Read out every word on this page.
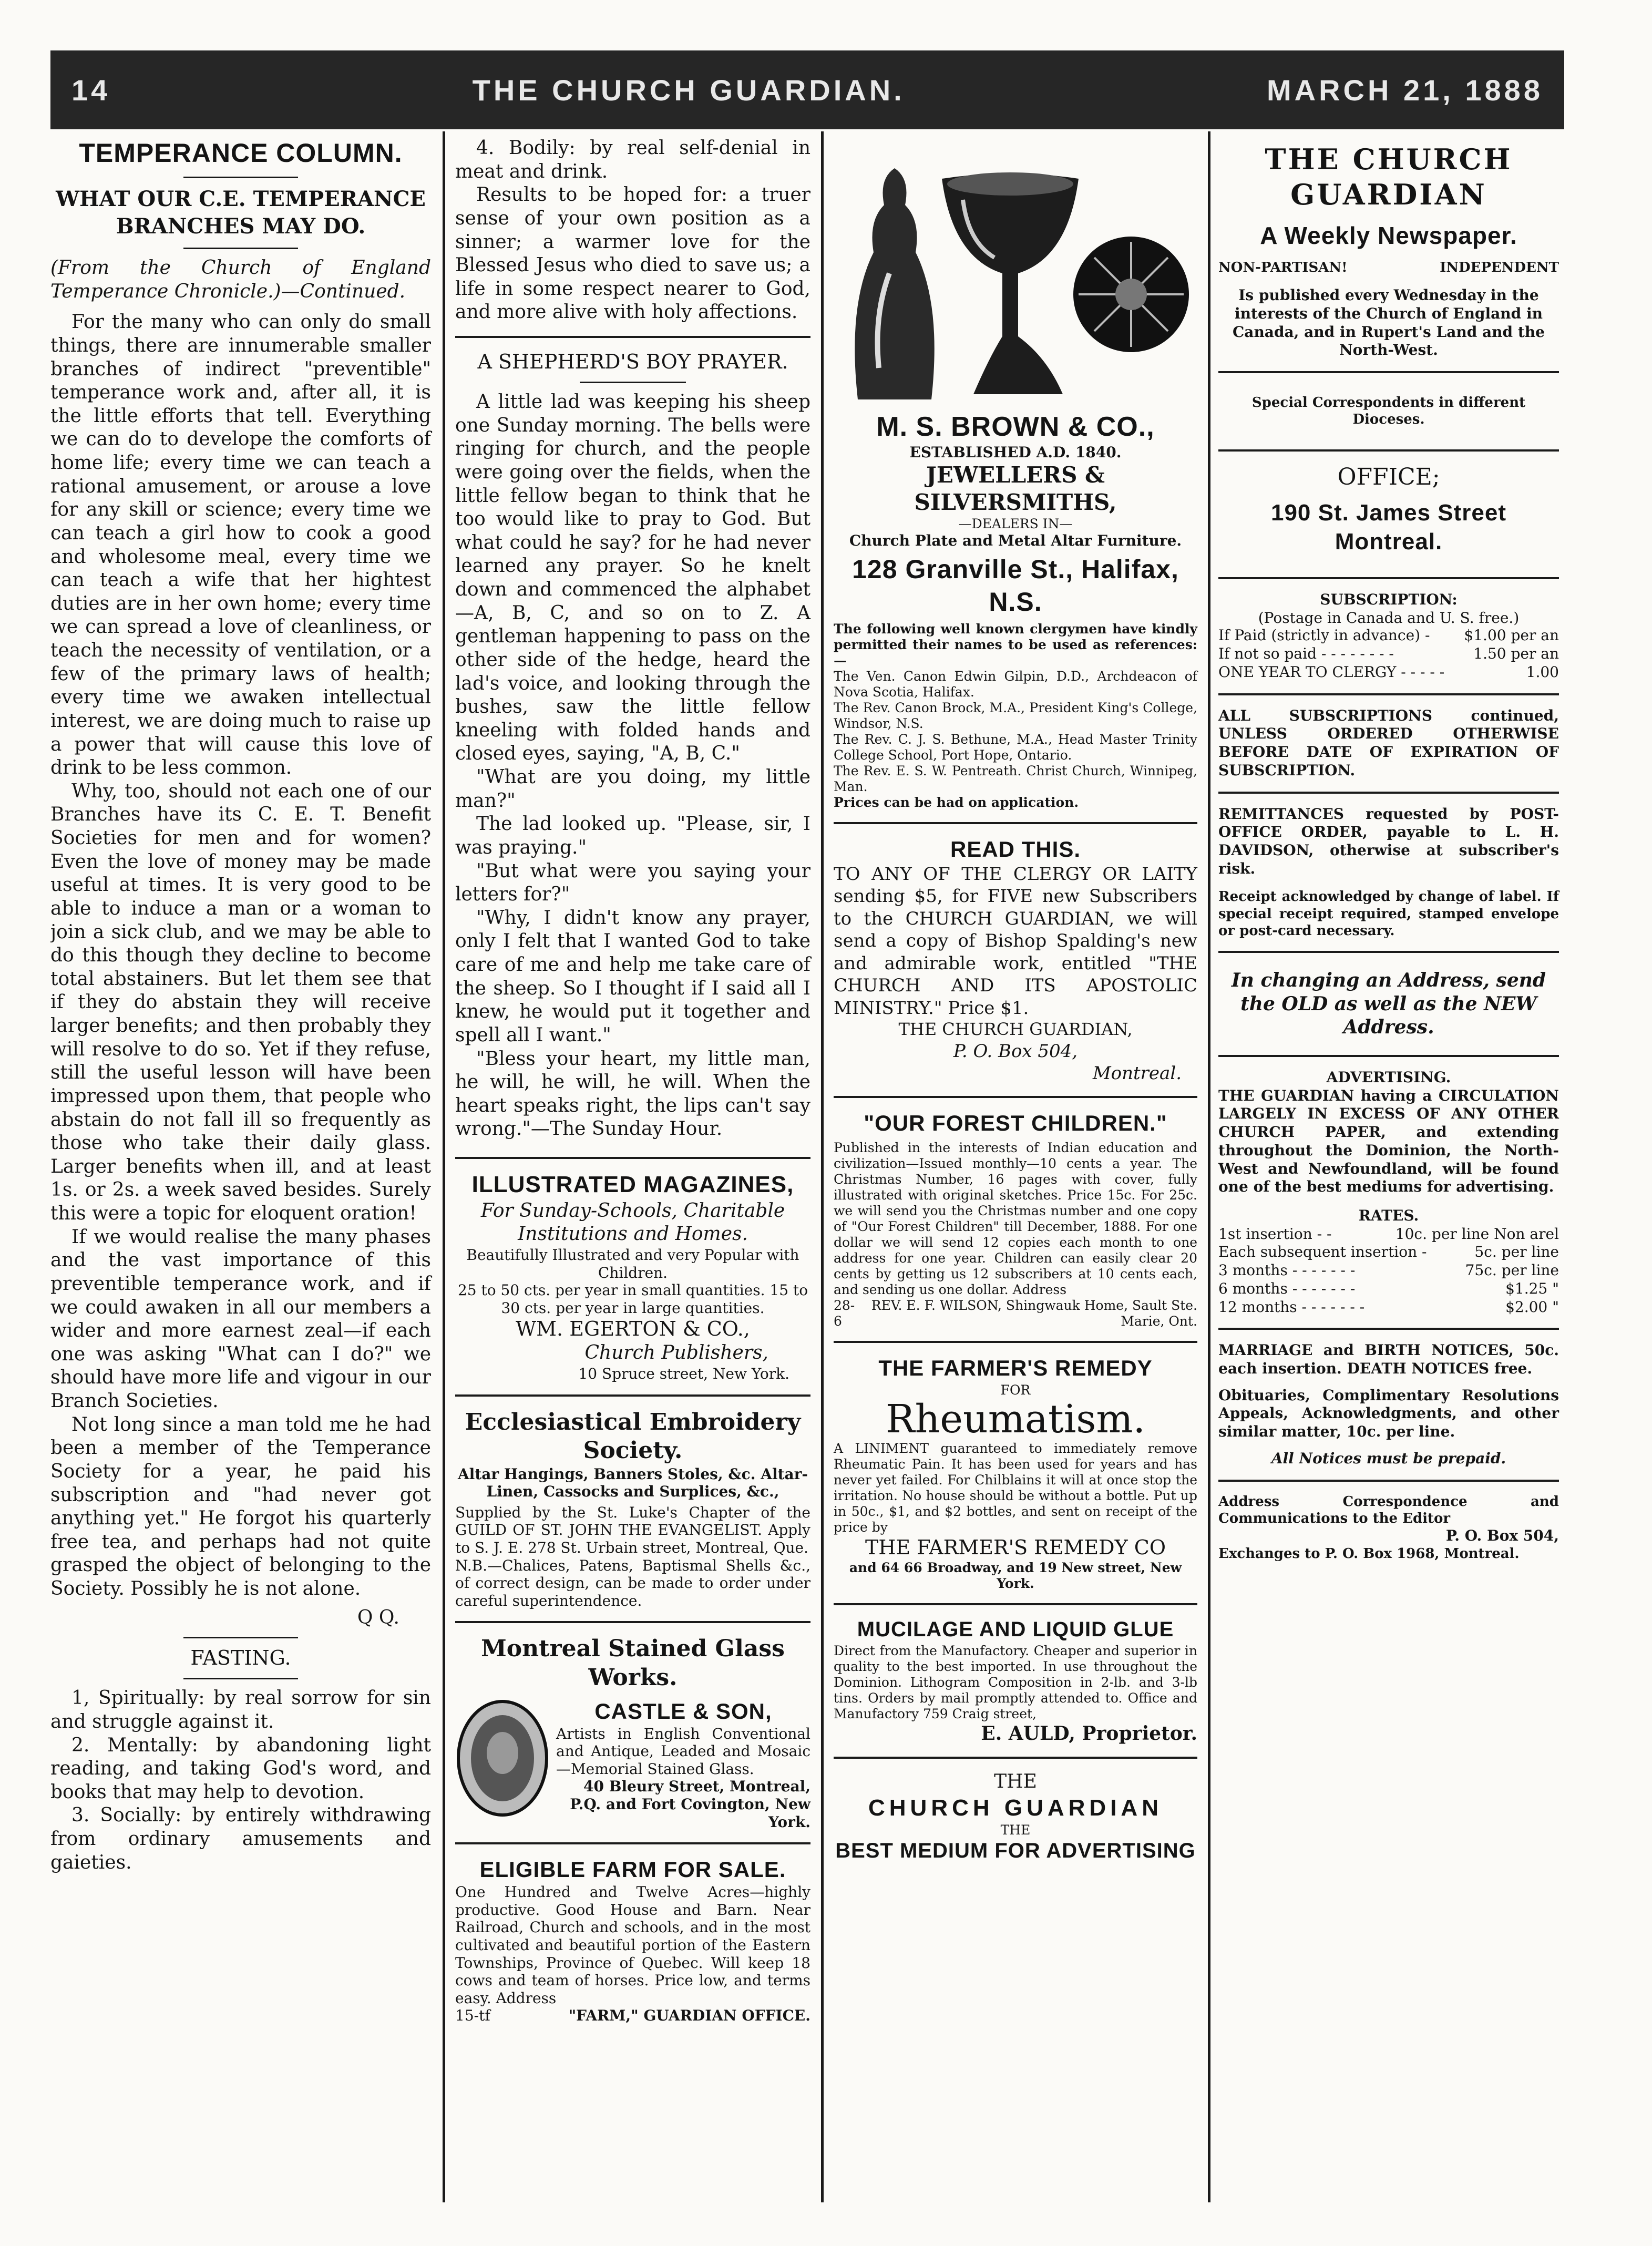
14	THE CHURCH GUARDIAN.	MARCH 21, 1888
TEMPERANCE COLUMN.
WHAT OUR C.E. TEMPERANCE BRANCHES MAY DO.
(From the Church of England Temperance Chronicle.)—Continued.

For the many who can only do small things, there are innumerable smaller branches of indirect "preventible" temperance work and, after all, it is the little efforts that tell. Everything we can do to develope the comforts of home life; every time we can teach a rational amusement, or arouse a love for any skill or science; every time we can teach a girl how to cook a good and wholesome meal, every time we can teach a wife that her hightest duties are in her own home; every time we can spread a love of cleanliness, or teach the necessity of ventilation, or a few of the primary laws of health; every time we awaken intellectual interest, we are doing much to raise up a power that will cause this love of drink to be less common.

Why, too, should not each one of our Branches have its C. E. T. Benefit Societies for men and for women? Even the love of money may be made useful at times. It is very good to be able to induce a man or a woman to join a sick club, and we may be able to do this though they decline to become total abstainers. But let them see that if they do abstain they will receive larger benefits; and then probably they will resolve to do so. Yet if they refuse, still the useful lesson will have been impressed upon them, that people who abstain do not fall ill so frequently as those who take their daily glass. Larger benefits when ill, and at least 1s. or 2s. a week saved besides. Surely this were a topic for eloquent oration!

If we would realise the many phases and the vast importance of this preventible temperance work, and if we could awaken in all our members a wider and more earnest zeal—if each one was asking "What can I do?" we should have more life and vigour in our Branch Societies.

Not long since a man told me he had been a member of the Temperance Society for a year, he paid his subscription and "had never got anything yet." He forgot his quarterly free tea, and perhaps had not quite grasped the object of belonging to the Society. Possibly he is not alone.

Q Q.
FASTING.

1, Spiritually: by real sorrow for sin and struggle against it.

2. Mentally: by abandoning light reading, and taking God's word, and books that may help to devotion.

3. Socially: by entirely withdrawing from ordinary amusements and gaieties.

4. Bodily: by real self-denial in meat and drink.

Results to be hoped for: a truer sense of your own position as a sinner; a warmer love for the Blessed Jesus who died to save us; a life in some respect nearer to God, and more alive with holy affections.

A SHEPHERD'S BOY PRAYER.

A little lad was keeping his sheep one Sunday morning. The bells were ringing for church, and the people were going over the fields, when the little fellow began to think that he too would like to pray to God. But what could he say? for he had never learned any prayer. So he knelt down and commenced the alphabet—A, B, C, and so on to Z. A gentleman happening to pass on the other side of the hedge, heard the lad's voice, and looking through the bushes, saw the little fellow kneeling with folded hands and closed eyes, saying, "A, B, C."

"What are you doing, my little man?"

The lad looked up. "Please, sir, I was praying."

"But what were you saying your letters for?"

"Why, I didn't know any prayer, only I felt that I wanted God to take care of me and help me take care of the sheep. So I thought if I said all I knew, he would put it together and spell all I want."

"Bless your heart, my little man, he will, he will, he will. When the heart speaks right, the lips can't say wrong."—The Sunday Hour.

ILLUSTRATED MAGAZINES,
For Sunday-Schools, Charitable Institutions and Homes.
Beautifully Illustrated and very Popular with Children.
25 to 50 cts. per year in small quantities. 15 to 30 cts. per year in large quantities.
WM. EGERTON & CO.,
Church Publishers,
10 Spruce street, New York.
Ecclesiastical Embroidery Society.
Altar Hangings, Banners Stoles, &c. Altar-Linen, Cassocks and Surplices, &c.,
Supplied by the St. Luke's Chapter of the GUILD OF ST. JOHN THE EVANGELIST. Apply to S. J. E. 278 St. Urbain street, Montreal, Que.
N.B.—Chalices, Patens, Baptismal Shells &c., of correct design, can be made to order under careful superintendence.
Montreal Stained Glass Works.
CASTLE & SON,
Artists in English Conventional and Antique, Leaded and Mosaic—Memorial Stained Glass.
40 Bleury Street, Montreal, P.Q. and Fort Covington, New York.
ELIGIBLE FARM FOR SALE.
One Hundred and Twelve Acres—highly productive. Good House and Barn. Near Railroad, Church and schools, and in the most cultivated and beautiful portion of the Eastern Townships, Province of Quebec. Will keep 18 cows and team of horses. Price low, and terms easy. Address
15-tf	"FARM," GUARDIAN OFFICE.
M. S. BROWN & CO.,
ESTABLISHED A.D. 1840.
JEWELLERS & SILVERSMITHS,
—DEALERS IN—
Church Plate and Metal Altar Furniture.
128 Granville St., Halifax, N.S.
The following well known clergymen have kindly permitted their names to be used as references:—
The Ven. Canon Edwin Gilpin, D.D., Archdeacon of Nova Scotia, Halifax.
The Rev. Canon Brock, M.A., President King's College, Windsor, N.S.
The Rev. C. J. S. Bethune, M.A., Head Master Trinity College School, Port Hope, Ontario.
The Rev. E. S. W. Pentreath. Christ Church, Winnipeg, Man.
Prices can be had on application.
READ THIS.
TO ANY OF THE CLERGY OR LAITY sending $5, for FIVE new Subscribers to the CHURCH GUARDIAN, we will send a copy of Bishop Spalding's new and admirable work, entitled "THE CHURCH AND ITS APOSTOLIC MINISTRY." Price $1.
THE CHURCH GUARDIAN,
P. O. Box 504,
Montreal.
"OUR FOREST CHILDREN."
Published in the interests of Indian education and civilization—Issued monthly—10 cents a year. The Christmas Number, 16 pages with cover, fully illustrated with original sketches. Price 15c. For 25c. we will send you the Christmas number and one copy of "Our Forest Children" till December, 1888. For one dollar we will send 12 copies each month to one address for one year. Children can easily clear 20 cents by getting us 12 subscribers at 10 cents each, and sending us one dollar. Address
28-6
REV. E. F. WILSON, Shingwauk Home, Sault Ste. Marie, Ont.
THE FARMER'S REMEDY
FOR
Rheumatism.
A LINIMENT guaranteed to immediately remove Rheumatic Pain. It has been used for years and has never yet failed. For Chilblains it will at once stop the irritation. No house should be without a bottle. Put up in 50c., $1, and $2 bottles, and sent on receipt of the price by
THE FARMER'S REMEDY CO
and 64 66 Broadway, and 19 New street, New York.
MUCILAGE AND LIQUID GLUE
Direct from the Manufactory. Cheaper and superior in quality to the best imported. In use throughout the Dominion. Lithogram Composition in 2-lb. and 3-lb tins. Orders by mail promptly attended to. Office and Manufactory 759 Craig street,
E. AULD, Proprietor.
THE
CHURCH GUARDIAN
THE
BEST MEDIUM FOR ADVERTISING
THE CHURCH GUARDIAN
A Weekly Newspaper.
NON-PARTISAN!	INDEPENDENT
Is published every Wednesday in the interests of the Church of England in Canada, and in Rupert's Land and the North-West.
Special Correspondents in different Dioceses.
OFFICE;
190 St. James Street Montreal.
SUBSCRIPTION:
(Postage in Canada and U. S. free.)
If Paid (strictly in advance) - $1.00 per an
If not so paid - - - - - - - -	1.50 per an
ONE YEAR TO CLERGY - - - - -	1.00
ALL SUBSCRIPTIONS continued, UNLESS ORDERED OTHERWISE BEFORE DATE OF EXPIRATION OF SUBSCRIPTION.
REMITTANCES requested by POST-OFFICE ORDER, payable to L. H. DAVIDSON, otherwise at subscriber's risk.
Receipt acknowledged by change of label. If special receipt required, stamped envelope or post-card necessary.
In changing an Address, send the OLD as well as the NEW Address.
ADVERTISING.
THE GUARDIAN having a CIRCULATION LARGELY IN EXCESS OF ANY OTHER CHURCH PAPER, and extending throughout the Dominion, the North-West and Newfoundland, will be found one of the best mediums for advertising.
RATES.
1st insertion - -	10c. per line Non arel
Each subsequent insertion -	5c. per line
3 months - - - - - - -	75c. per line
6 months - - - - - - -	$1.25 "
12 months - - - - - - -	$2.00 "
MARRIAGE and BIRTH NOTICES, 50c. each insertion. DEATH NOTICES free.
Obituaries, Complimentary Resolutions Appeals, Acknowledgments, and other similar matter, 10c. per line.
All Notices must be prepaid.
Address Correspondence and Communications to the Editor
P. O. Box 504,
Exchanges to P. O. Box 1968, Montreal.
